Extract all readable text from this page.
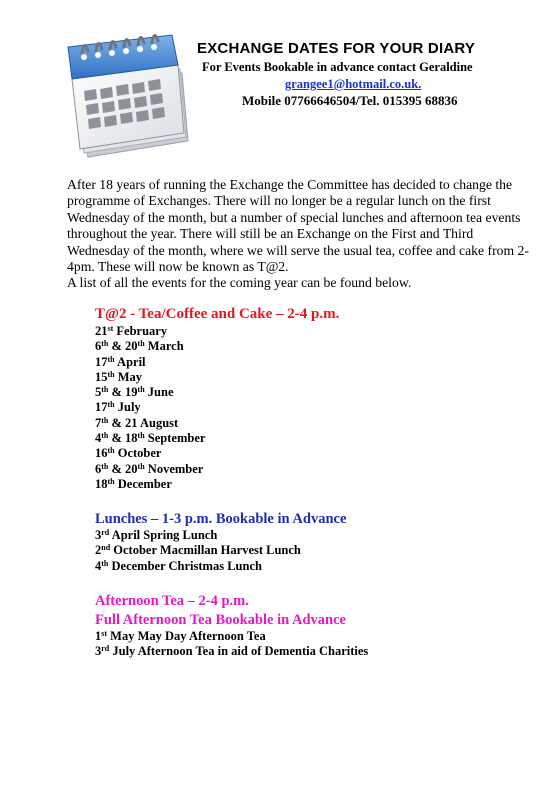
EXCHANGE DATES FOR YOUR DIARY
For Events Bookable in advance contact Geraldine
grangee1@hotmail.co.uk.
Mobile 07766646504/Tel. 015395 68836

After 18 years of running the Exchange the Committee has decided to change the programme of Exchanges. There will no longer be a regular lunch on the first Wednesday of the month, but a number of special lunches and afternoon tea events throughout the year. There will still be an Exchange on the First and Third Wednesday of the month, where we will serve the usual tea, coffee and cake from 2-4pm. These will now be known as T@2.

A list of all the events for the coming year can be found below.

T@2 - Tea/Coffee and Cake – 2-4 p.m.
21st February
6th & 20th March
17th April
15th May
5th & 19th June
17th July
7th & 21 August
4th & 18th September
16th October
6th & 20th November
18th December
Lunches – 1-3 p.m. Bookable in Advance
3rd April Spring Lunch
2nd October Macmillan Harvest Lunch
4th December Christmas Lunch
Afternoon Tea – 2-4 p.m.
Full Afternoon Tea Bookable in Advance
1st May May Day Afternoon Tea
3rd July Afternoon Tea in aid of Dementia Charities
